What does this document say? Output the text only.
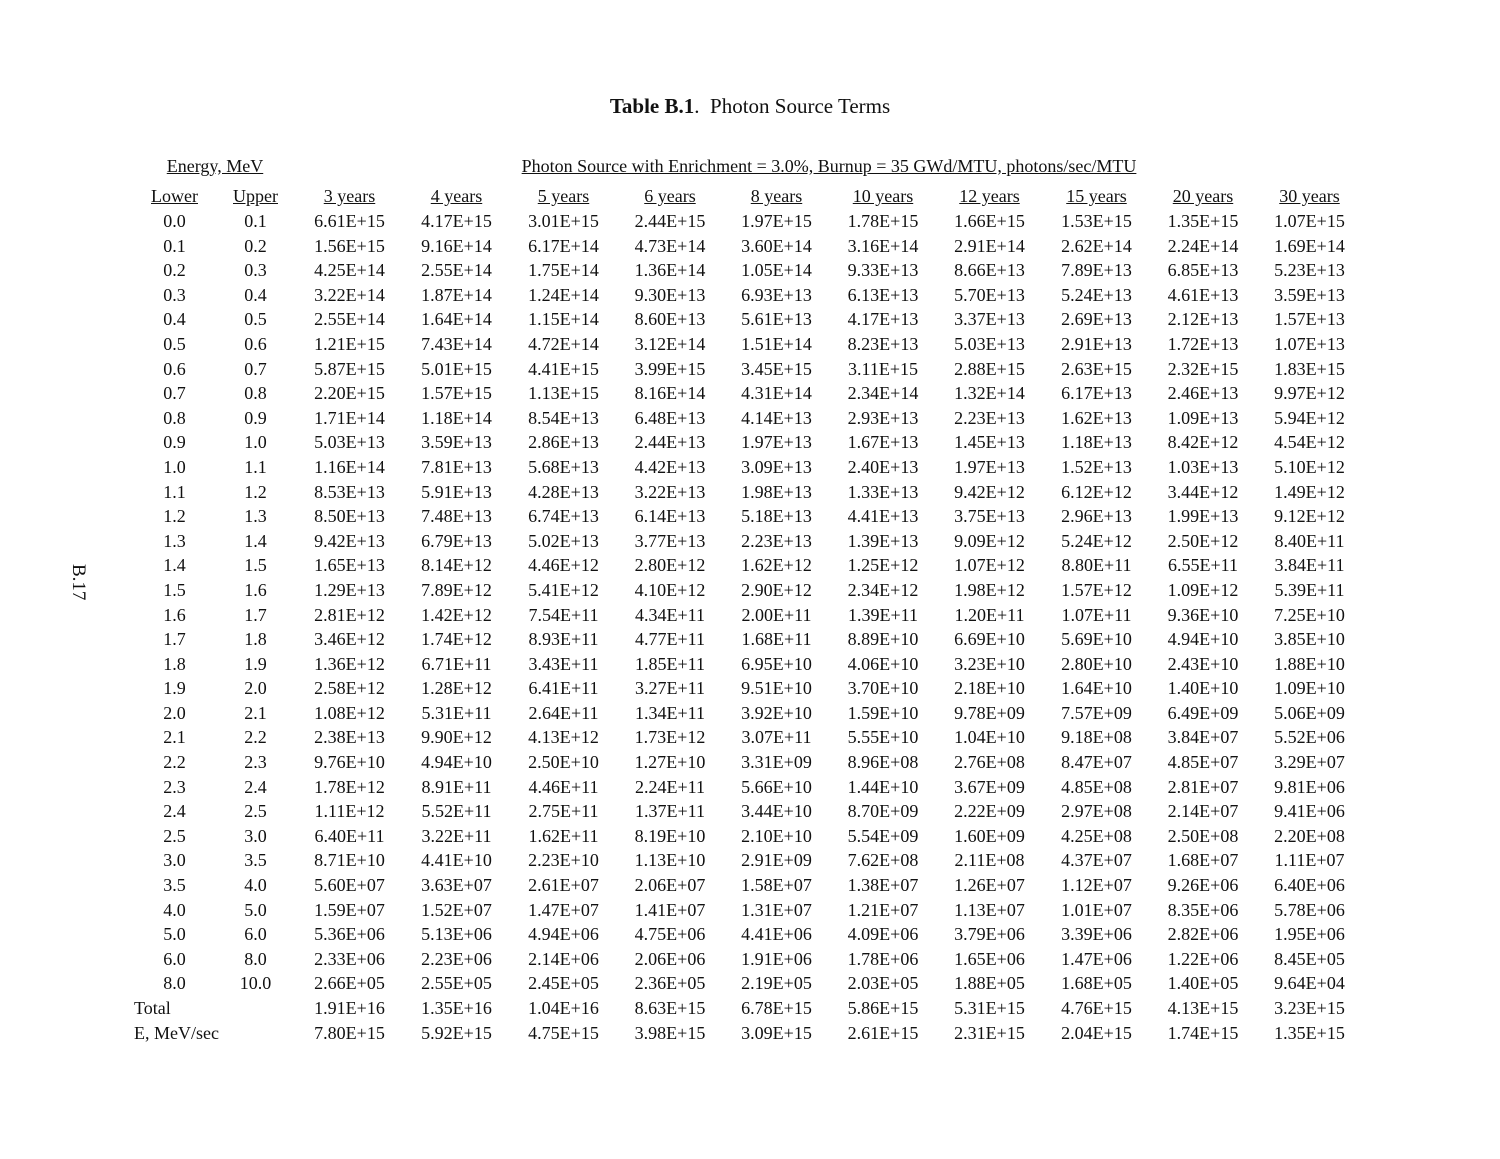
Table B.1.  Photon Source Terms
B.17
Energy, MeV	Photon Source with Enrichment = 3.0%, Burnup = 35 GWd/MTU, photons/sec/MTU
Lower	Upper	3 years	4 years	5 years	6 years	8 years	10 years	12 years	15 years	20 years	30 years
0.0	0.1	6.61E+15	4.17E+15	3.01E+15	2.44E+15	1.97E+15	1.78E+15	1.66E+15	1.53E+15	1.35E+15	1.07E+15
0.1	0.2	1.56E+15	9.16E+14	6.17E+14	4.73E+14	3.60E+14	3.16E+14	2.91E+14	2.62E+14	2.24E+14	1.69E+14
0.2	0.3	4.25E+14	2.55E+14	1.75E+14	1.36E+14	1.05E+14	9.33E+13	8.66E+13	7.89E+13	6.85E+13	5.23E+13
0.3	0.4	3.22E+14	1.87E+14	1.24E+14	9.30E+13	6.93E+13	6.13E+13	5.70E+13	5.24E+13	4.61E+13	3.59E+13
0.4	0.5	2.55E+14	1.64E+14	1.15E+14	8.60E+13	5.61E+13	4.17E+13	3.37E+13	2.69E+13	2.12E+13	1.57E+13
0.5	0.6	1.21E+15	7.43E+14	4.72E+14	3.12E+14	1.51E+14	8.23E+13	5.03E+13	2.91E+13	1.72E+13	1.07E+13
0.6	0.7	5.87E+15	5.01E+15	4.41E+15	3.99E+15	3.45E+15	3.11E+15	2.88E+15	2.63E+15	2.32E+15	1.83E+15
0.7	0.8	2.20E+15	1.57E+15	1.13E+15	8.16E+14	4.31E+14	2.34E+14	1.32E+14	6.17E+13	2.46E+13	9.97E+12
0.8	0.9	1.71E+14	1.18E+14	8.54E+13	6.48E+13	4.14E+13	2.93E+13	2.23E+13	1.62E+13	1.09E+13	5.94E+12
0.9	1.0	5.03E+13	3.59E+13	2.86E+13	2.44E+13	1.97E+13	1.67E+13	1.45E+13	1.18E+13	8.42E+12	4.54E+12
1.0	1.1	1.16E+14	7.81E+13	5.68E+13	4.42E+13	3.09E+13	2.40E+13	1.97E+13	1.52E+13	1.03E+13	5.10E+12
1.1	1.2	8.53E+13	5.91E+13	4.28E+13	3.22E+13	1.98E+13	1.33E+13	9.42E+12	6.12E+12	3.44E+12	1.49E+12
1.2	1.3	8.50E+13	7.48E+13	6.74E+13	6.14E+13	5.18E+13	4.41E+13	3.75E+13	2.96E+13	1.99E+13	9.12E+12
1.3	1.4	9.42E+13	6.79E+13	5.02E+13	3.77E+13	2.23E+13	1.39E+13	9.09E+12	5.24E+12	2.50E+12	8.40E+11
1.4	1.5	1.65E+13	8.14E+12	4.46E+12	2.80E+12	1.62E+12	1.25E+12	1.07E+12	8.80E+11	6.55E+11	3.84E+11
1.5	1.6	1.29E+13	7.89E+12	5.41E+12	4.10E+12	2.90E+12	2.34E+12	1.98E+12	1.57E+12	1.09E+12	5.39E+11
1.6	1.7	2.81E+12	1.42E+12	7.54E+11	4.34E+11	2.00E+11	1.39E+11	1.20E+11	1.07E+11	9.36E+10	7.25E+10
1.7	1.8	3.46E+12	1.74E+12	8.93E+11	4.77E+11	1.68E+11	8.89E+10	6.69E+10	5.69E+10	4.94E+10	3.85E+10
1.8	1.9	1.36E+12	6.71E+11	3.43E+11	1.85E+11	6.95E+10	4.06E+10	3.23E+10	2.80E+10	2.43E+10	1.88E+10
1.9	2.0	2.58E+12	1.28E+12	6.41E+11	3.27E+11	9.51E+10	3.70E+10	2.18E+10	1.64E+10	1.40E+10	1.09E+10
2.0	2.1	1.08E+12	5.31E+11	2.64E+11	1.34E+11	3.92E+10	1.59E+10	9.78E+09	7.57E+09	6.49E+09	5.06E+09
2.1	2.2	2.38E+13	9.90E+12	4.13E+12	1.73E+12	3.07E+11	5.55E+10	1.04E+10	9.18E+08	3.84E+07	5.52E+06
2.2	2.3	9.76E+10	4.94E+10	2.50E+10	1.27E+10	3.31E+09	8.96E+08	2.76E+08	8.47E+07	4.85E+07	3.29E+07
2.3	2.4	1.78E+12	8.91E+11	4.46E+11	2.24E+11	5.66E+10	1.44E+10	3.67E+09	4.85E+08	2.81E+07	9.81E+06
2.4	2.5	1.11E+12	5.52E+11	2.75E+11	1.37E+11	3.44E+10	8.70E+09	2.22E+09	2.97E+08	2.14E+07	9.41E+06
2.5	3.0	6.40E+11	3.22E+11	1.62E+11	8.19E+10	2.10E+10	5.54E+09	1.60E+09	4.25E+08	2.50E+08	2.20E+08
3.0	3.5	8.71E+10	4.41E+10	2.23E+10	1.13E+10	2.91E+09	7.62E+08	2.11E+08	4.37E+07	1.68E+07	1.11E+07
3.5	4.0	5.60E+07	3.63E+07	2.61E+07	2.06E+07	1.58E+07	1.38E+07	1.26E+07	1.12E+07	9.26E+06	6.40E+06
4.0	5.0	1.59E+07	1.52E+07	1.47E+07	1.41E+07	1.31E+07	1.21E+07	1.13E+07	1.01E+07	8.35E+06	5.78E+06
5.0	6.0	5.36E+06	5.13E+06	4.94E+06	4.75E+06	4.41E+06	4.09E+06	3.79E+06	3.39E+06	2.82E+06	1.95E+06
6.0	8.0	2.33E+06	2.23E+06	2.14E+06	2.06E+06	1.91E+06	1.78E+06	1.65E+06	1.47E+06	1.22E+06	8.45E+05
8.0	10.0	2.66E+05	2.55E+05	2.45E+05	2.36E+05	2.19E+05	2.03E+05	1.88E+05	1.68E+05	1.40E+05	9.64E+04
Total		1.91E+16	1.35E+16	1.04E+16	8.63E+15	6.78E+15	5.86E+15	5.31E+15	4.76E+15	4.13E+15	3.23E+15
E, MeV/sec		7.80E+15	5.92E+15	4.75E+15	3.98E+15	3.09E+15	2.61E+15	2.31E+15	2.04E+15	1.74E+15	1.35E+15
